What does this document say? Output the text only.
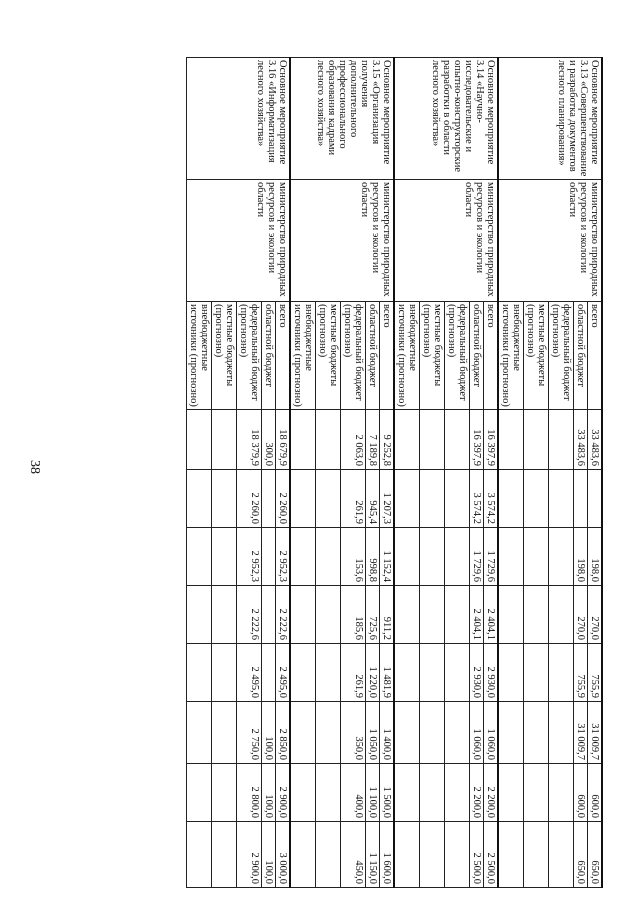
38
Основное мероприятие 3.13 «Совершенствование и разработка документов лесного планирования»	министерство природных ресурсов и экологии области	всего	33 483,6		198,0	270,0	755,9	31 009,7	600,0	650,0
		областной бюджет	33 483,6		198,0	270,0	755,9	31 009,7	600,0	650,0
		федеральный бюджет (прогнозно)								
		местные бюджеты (прогнозно)								
		внебюджетные источники (прогнозно)								
Основное мероприятие 3.14 «Научно-исследовательские и опытно-конструкторские разработки в области лесного хозяйства»	министерство природных ресурсов и экологии области	всего	16 397,9	3 574,2	1 729,6	2 404,1	2 930,0	1 060,0	2 200,0	2 500,0
		областной бюджет	16 397,9	3 574,2	1 729,6	2 404,1	2 930,0	1 060,0	2 200,0	2 500,0
		федеральный бюджет (прогнозно)								
		местные бюджеты (прогнозно)								
		внебюджетные источники (прогнозно)								
Основное мероприятие 3.15 «Организация получения дополнительного профессионального образования кадрами лесного хозяйства»	министерство природных ресурсов и экологии области	всего	9 252,8	1 207,3	1 152,4	911,2	1 481,9	1 400,0	1 500,0	1 600,0
		областной бюджет	7 189,8	945,4	998,8	725,6	1 220,0	1 050,0	1 100,0	1 150,0
		федеральный бюджет (прогнозно)	2 063,0	261,9	153,6	185,6	261,9	350,0	400,0	450,0
		местные бюджеты (прогнозно)								
		внебюджетные источники (прогнозно)								
Основное мероприятие 3.16 «Информатизация лесного хозяйства»	министерство природных ресурсов и экологии области	всего	18 679,9	2 260,0	2 952,3	2 222,6	2 495,0	2 850,0	2 900,0	3 000,0
		областной бюджет	300,0					100,0	100,0	100,0
		федеральный бюджет (прогнозно)	18 379,9	2 260,0	2 952,3	2 222,6	2 495,0	2 750,0	2 800,0	2 900,0
		местные бюджеты (прогнозно)								
		внебюджетные источники (прогнозно)								
